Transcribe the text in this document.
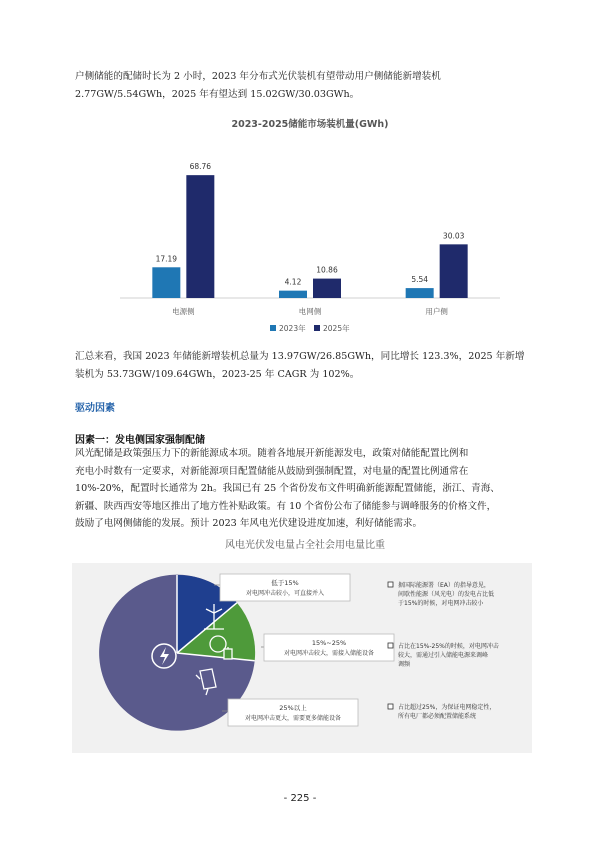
户侧储能的配储时长为 2 小时，2023 年分布式光伏装机有望带动用户侧储能新增装机
2.77GW/5.54GWh，2025 年有望达到 15.02GW/30.03GWh。

2023-2025储能市场装机量(GWh)
17.19
68.76
电源侧
4.12
10.86
电网侧
5.54
30.03
用户侧
2023年 2025年

汇总来看，我国 2023 年储能新增装机总量为 13.97GW/26.85GWh，同比增长 123.3%，2025 年新增
装机为 53.73GW/109.64GWh，2023-25 年 CAGR 为 102%。

驱动因素
因素一：发电侧国家强制配储

风光配储是政策强压力下的新能源成本项。随着各地展开新能源发电，政策对储能配置比例和
充电小时数有一定要求，对新能源项目配置储能从鼓励到强制配置，对电量的配置比例通常在
10%-20%，配置时长通常为 2h。我国已有 25 个省份发布文件明确新能源配置储能，浙江、青海、
新疆、陕西西安等地区推出了地方性补贴政策。有 10 个省份公布了储能参与调峰服务的价格文件，
鼓励了电网侧储能的发展。预计 2023 年风电光伏建设进度加速，利好储能需求。

风电光伏发电量占全社会用电量比重
低于15%
对电网冲击较小，可直接并入
15%~25%
对电网冲击较大，需接入储能设备
25%以上
对电网冲击更大，需要更多储能设备
据国际能源署（EA）的指导意见，
间歇性能源（风光电）的发电占比低
于15%的时候，对电网冲击较小
占比在15%-25%的时候，对电网冲击
较大，需通过引入储能电源来调峰
调频
占比超过25%，为保证电网稳定性，
所有电厂都必须配置储能系统
- 225 -
